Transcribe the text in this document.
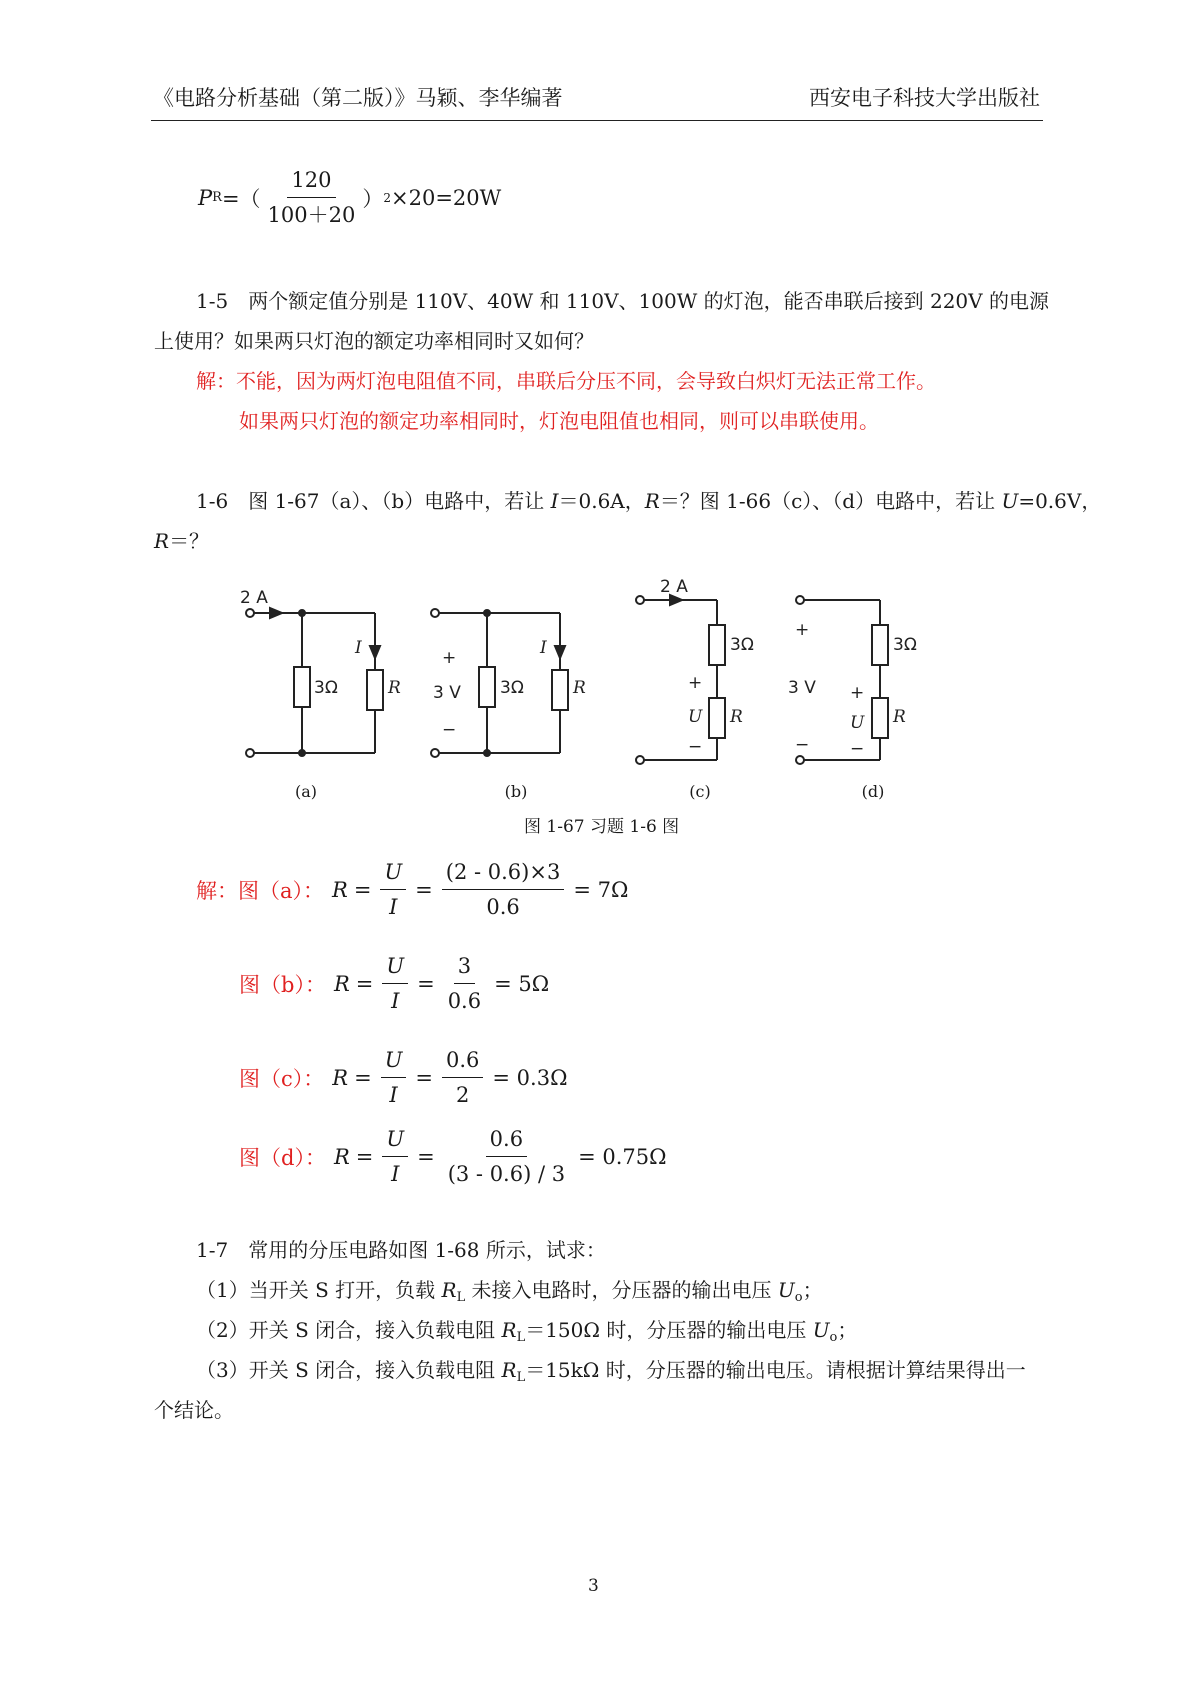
《电路分析基础（第二版）》马颖、李华编著	西安电子科技大学出版社
P R =（ $\frac{120}{100+20}$ ） 2 ×20=20W
1-5　两个额定值分别是 110V、40W 和 110V、100W 的灯泡，能否串联后接到 220V 的电源
上使用？如果两只灯泡的额定功率相同时又如何？
解：不能，因为两灯泡电阻值不同，串联后分压不同，会导致白炽灯无法正常工作。
如果两只灯泡的额定功率相同时，灯泡电阻值也相同，则可以串联使用。
1-6　图 1-67（a）、（b）电路中，若让 I＝0.6A，R＝？图 1-66（c）、（d）电路中，若让 U=0.6V，
R＝？
2 A
I
3Ω	R
+
3 V
−
3Ω
I
R
2 A
3Ω
+
U
−
R
+
3 V
−
3Ω
+
U
−
R
(a)	(b)	(c)	(d)
图 1-67 习题 1-6 图
解：图（a）： $R = \frac{U}{I} = \frac{(2 - 0.6)\times 3}{0.6} = 7\Omega$
图（b）： $R = \frac{U}{I} = \frac{3}{0.6} = 5\Omega$
图（c）： $R = \frac{U}{I} = \frac{0.6}{2} = 0.3\Omega$
图（d）： $R = \frac{U}{I} = \frac{0.6}{(3 - 0.6) / 3} = 0.75\Omega$
1-7　常用的分压电路如图 1-68 所示，试求：
（1）当开关 S 打开，负载 $R_L$ 未接入电路时，分压器的输出电压 $U_o$；
（2）开关 S 闭合，接入负载电阻 $R_L=150\Omega$ 时，分压器的输出电压 $U_o$；
（3）开关 S 闭合，接入负载电阻 $R_L=15k\Omega$ 时，分压器的输出电压。请根据计算结果得出一
个结论。
3
